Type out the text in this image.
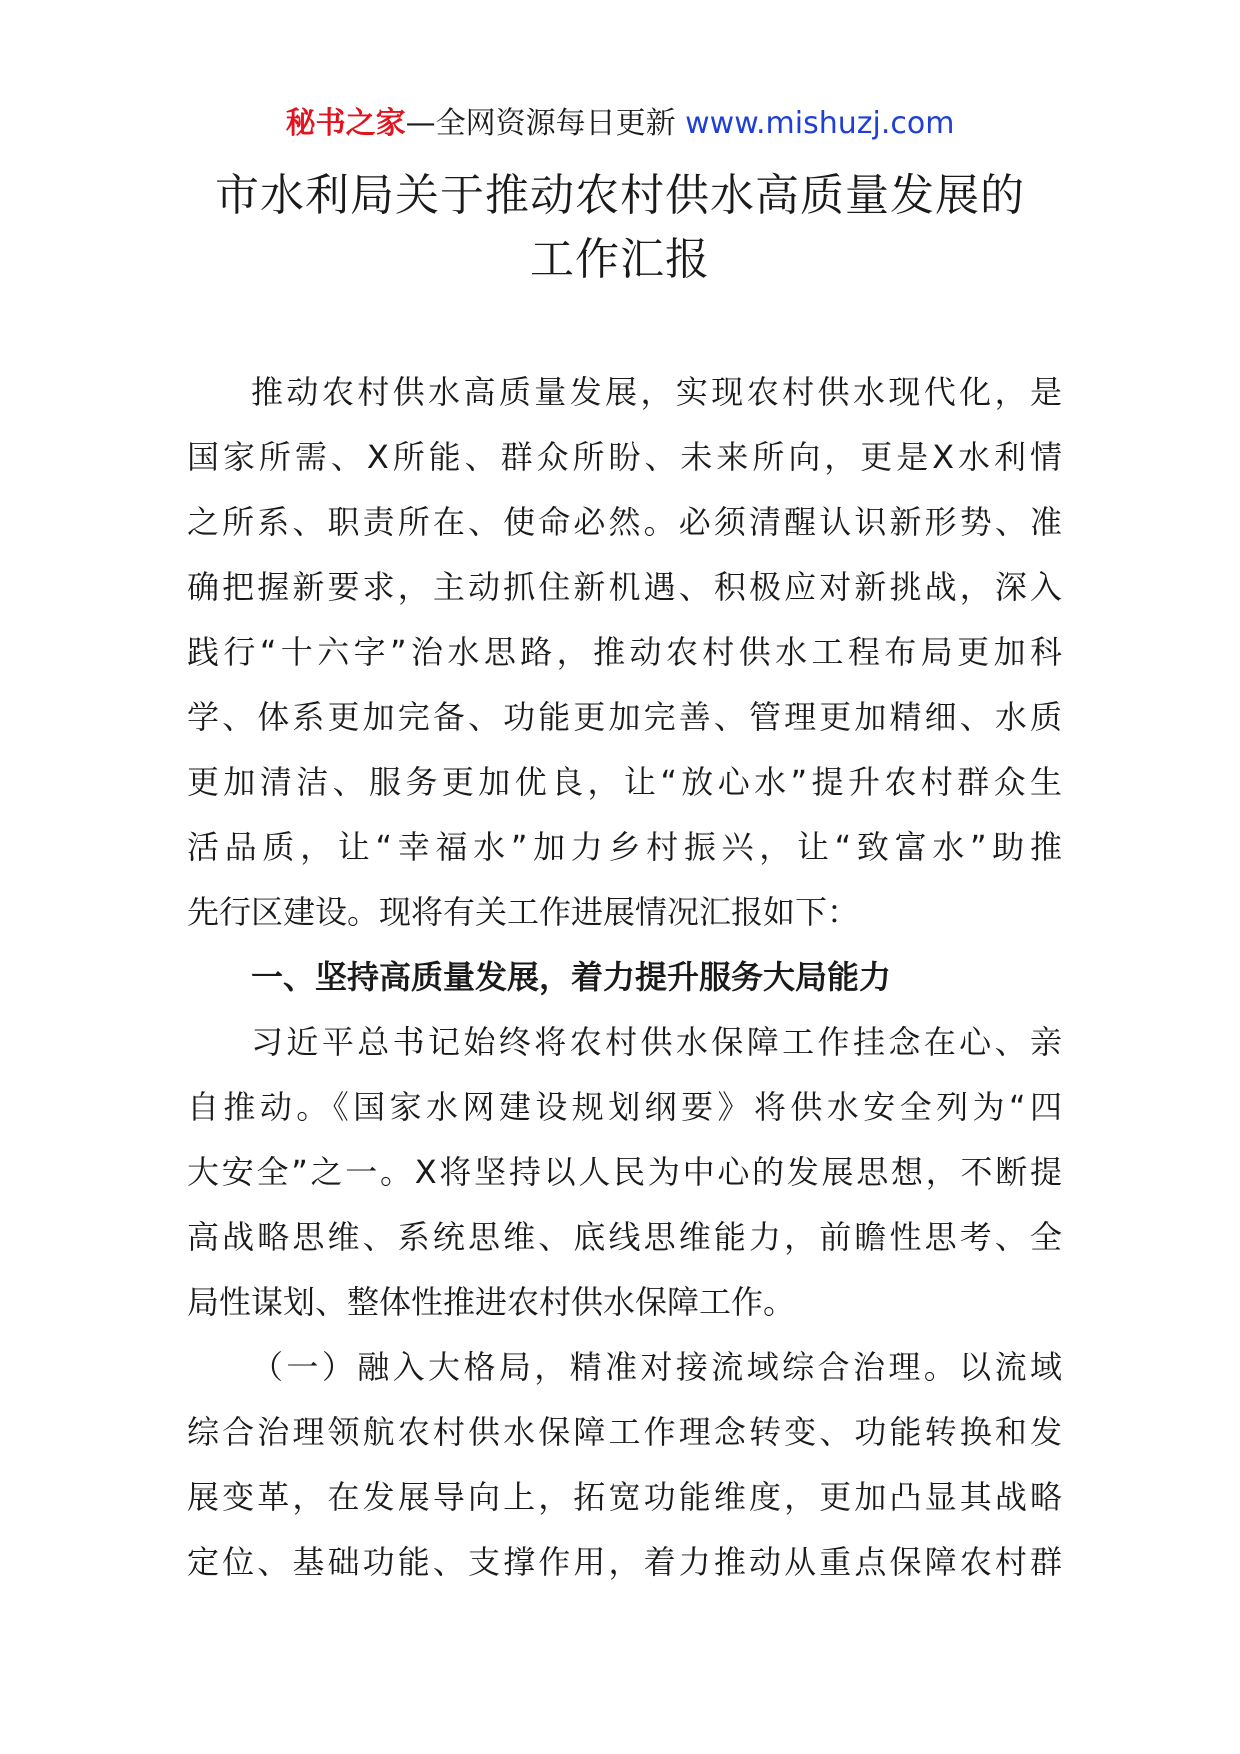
秘书之家—全网资源每日更新 www.mishuzj.com
市水利局关于推动农村供水高质量发展的
工作汇报
推动农村供水高质量发展，实现农村供水现代化，是
国家所需、X所能、群众所盼、未来所向，更是X水利情
之所系、职责所在、使命必然。必须清醒认识新形势、准
确把握新要求，主动抓住新机遇、积极应对新挑战，深入
践行“十六字”治水思路，推动农村供水工程布局更加科
学、体系更加完备、功能更加完善、管理更加精细、水质
更加清洁、服务更加优良，让“放心水”提升农村群众生
活品质，让“幸福水”加力乡村振兴，让“致富水”助推
先行区建设。现将有关工作进展情况汇报如下：
一、坚持高质量发展，着力提升服务大局能力
习近平总书记始终将农村供水保障工作挂念在心、亲
自推动。《国家水网建设规划纲要》将供水安全列为“四
大安全”之一。X将坚持以人民为中心的发展思想，不断提
高战略思维、系统思维、底线思维能力，前瞻性思考、全
局性谋划、整体性推进农村供水保障工作。
（一）融入大格局，精准对接流域综合治理。以流域
综合治理领航农村供水保障工作理念转变、功能转换和发
展变革，在发展导向上，拓宽功能维度，更加凸显其战略
定位、基础功能、支撑作用，着力推动从重点保障农村群
